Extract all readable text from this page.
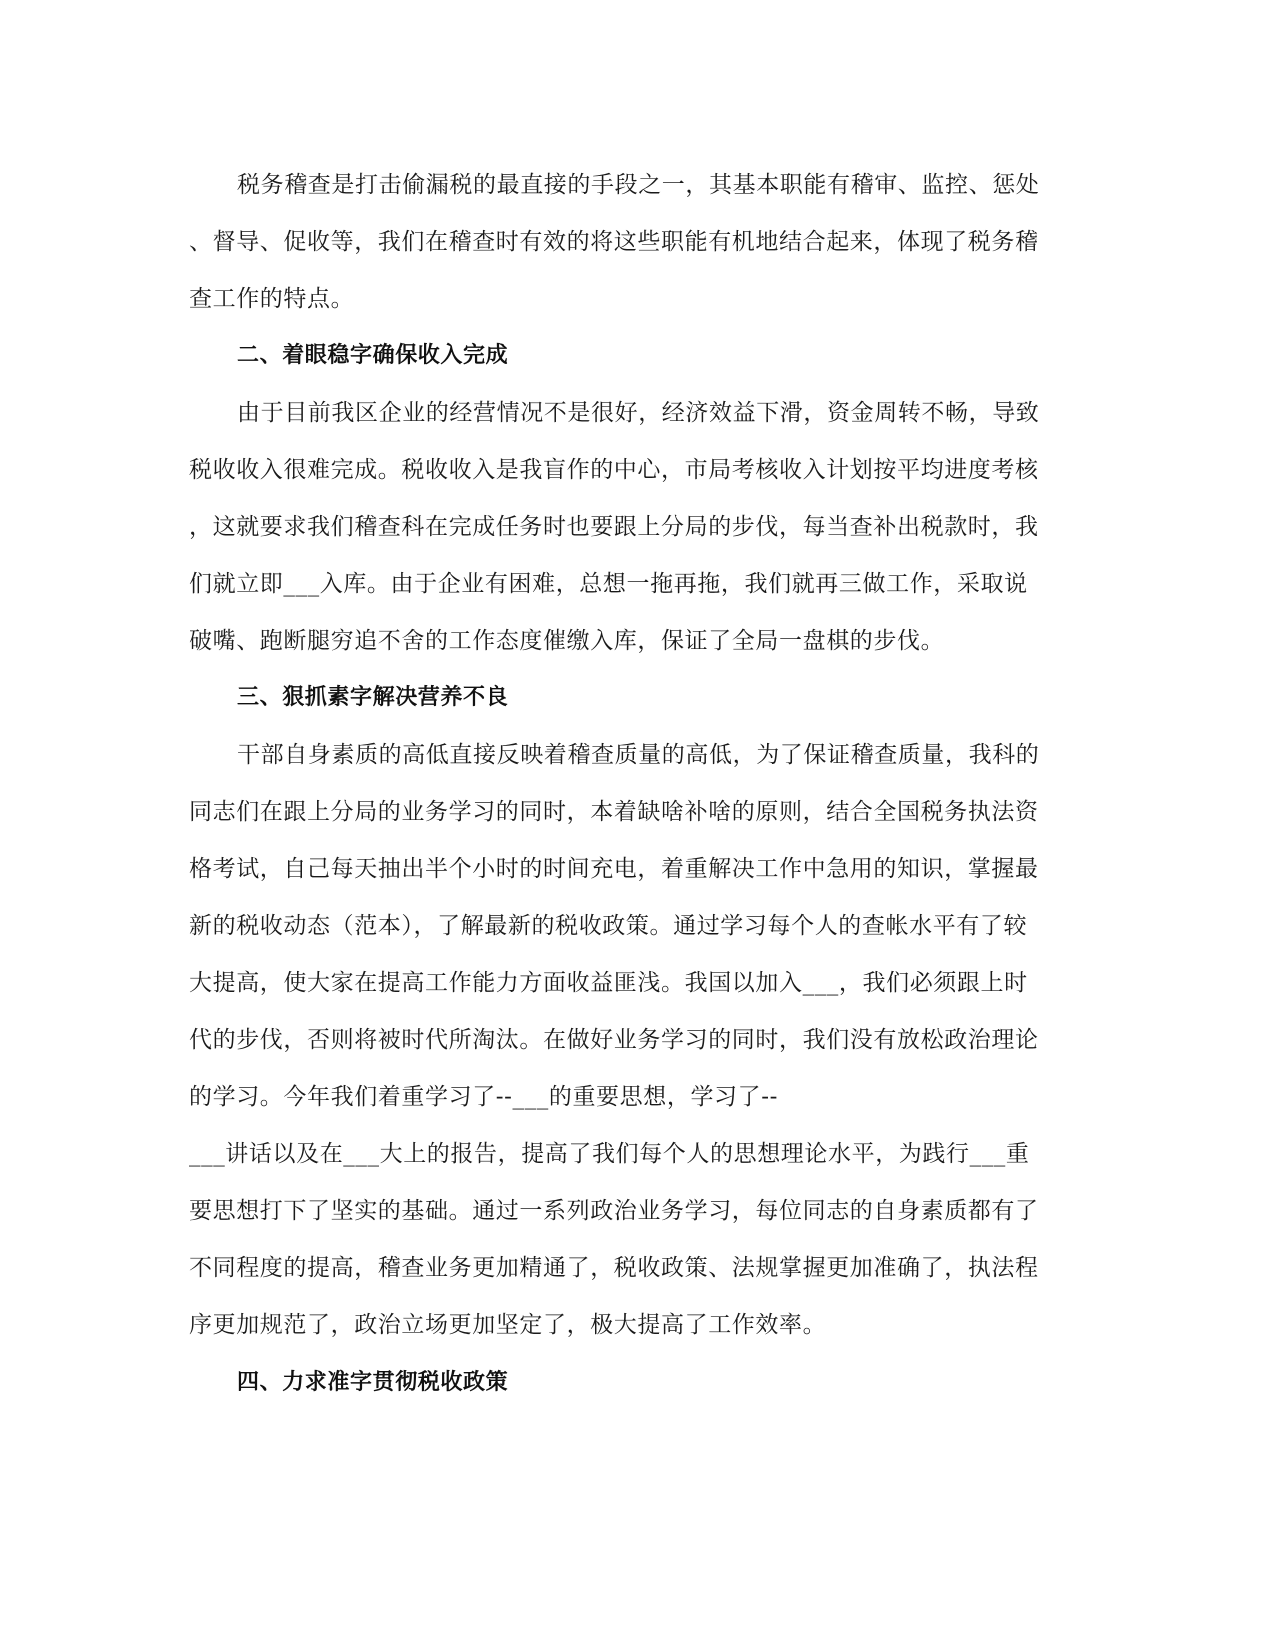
税务稽查是打击偷漏税的最直接的手段之一，其基本职能有稽审、监控、惩处

、督导、促收等，我们在稽查时有效的将这些职能有机地结合起来，体现了税务稽

查工作的特点。

二、着眼稳字确保收入完成

由于目前我区企业的经营情况不是很好，经济效益下滑，资金周转不畅，导致

税收收入很难完成。税收收入是我盲作的中心，市局考核收入计划按平均进度考核

，这就要求我们稽查科在完成任务时也要跟上分局的步伐，每当查补出税款时，我

们就立即___入库。由于企业有困难，总想一拖再拖，我们就再三做工作，采取说

破嘴、跑断腿穷追不舍的工作态度催缴入库，保证了全局一盘棋的步伐。

三、狠抓素字解决营养不良

干部自身素质的高低直接反映着稽查质量的高低，为了保证稽查质量，我科的

同志们在跟上分局的业务学习的同时，本着缺啥补啥的原则，结合全国税务执法资

格考试，自己每天抽出半个小时的时间充电，着重解决工作中急用的知识，掌握最

新的税收动态（范本），了解最新的税收政策。通过学习每个人的查帐水平有了较

大提高，使大家在提高工作能力方面收益匪浅。我国以加入___，我们必须跟上时

代的步伐，否则将被时代所淘汰。在做好业务学习的同时，我们没有放松政治理论

的学习。今年我们着重学习了--___的重要思想，学习了--

___讲话以及在___大上的报告，提高了我们每个人的思想理论水平，为践行___重

要思想打下了坚实的基础。通过一系列政治业务学习，每位同志的自身素质都有了

不同程度的提高，稽查业务更加精通了，税收政策、法规掌握更加准确了，执法程

序更加规范了，政治立场更加坚定了，极大提高了工作效率。

四、力求准字贯彻税收政策
